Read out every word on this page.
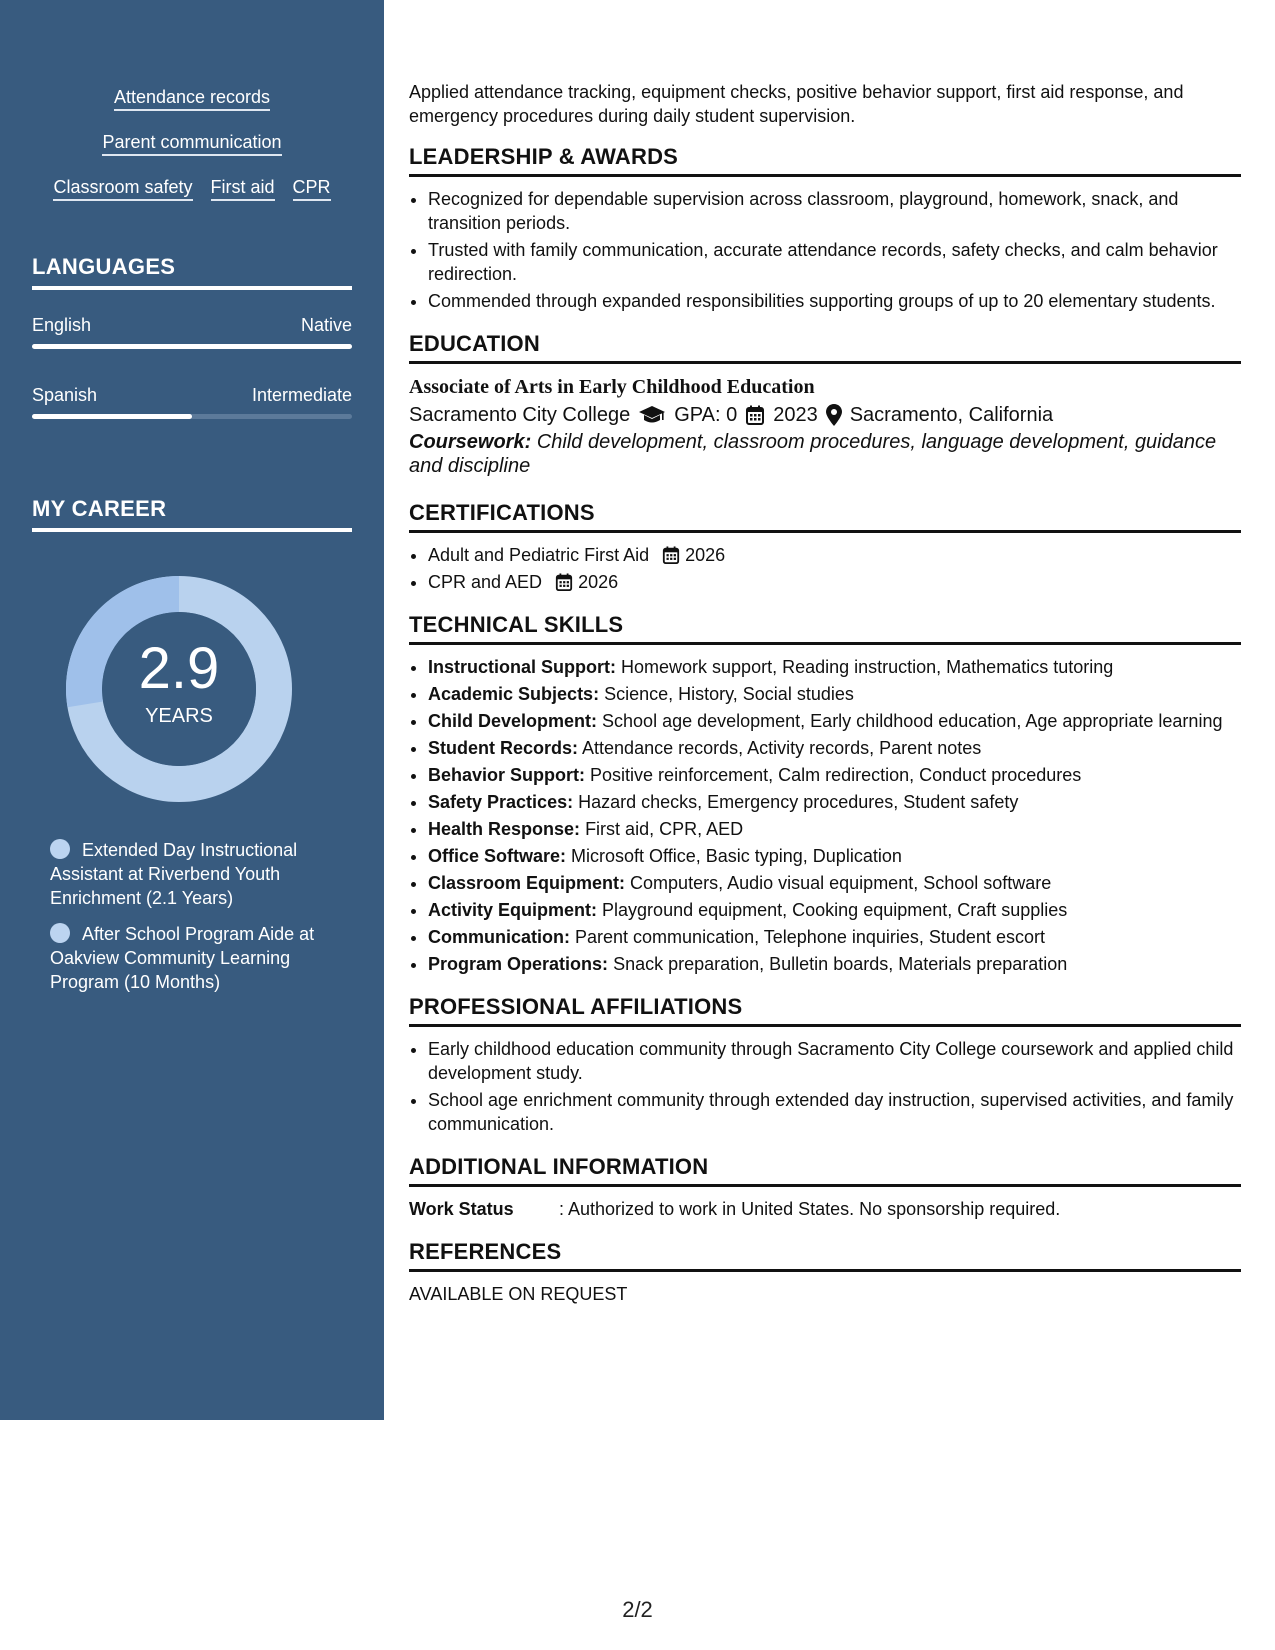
Attendance records
Parent communication
Classroom safety First aid CPR
LANGUAGES
English	Native
Spanish	Intermediate
MY CAREER
2.9
YEARS
Extended Day Instructional Assistant at Riverbend Youth Enrichment (2.1 Years)
After School Program Aide at Oakview Community Learning Program (10 Months)

Applied attendance tracking, equipment checks, positive behavior support, first aid response, and emergency procedures during daily student supervision.

LEADERSHIP & AWARDS
• Recognized for dependable supervision across classroom, playground, homework, snack, and transition periods.
• Trusted with family communication, accurate attendance records, safety checks, and calm behavior redirection.
• Commended through expanded responsibilities supporting groups of up to 20 elementary students.
EDUCATION
Associate of Arts in Early Childhood Education
Sacramento City College GPA: 0 2023 Sacramento, California
Coursework: Child development, classroom procedures, language development, guidance and discipline
CERTIFICATIONS
• Adult and Pediatric First Aid 2026
• CPR and AED 2026
TECHNICAL SKILLS
• Instructional Support: Homework support, Reading instruction, Mathematics tutoring
• Academic Subjects: Science, History, Social studies
• Child Development: School age development, Early childhood education, Age appropriate learning
• Student Records: Attendance records, Activity records, Parent notes
• Behavior Support: Positive reinforcement, Calm redirection, Conduct procedures
• Safety Practices: Hazard checks, Emergency procedures, Student safety
• Health Response: First aid, CPR, AED
• Office Software: Microsoft Office, Basic typing, Duplication
• Classroom Equipment: Computers, Audio visual equipment, School software
• Activity Equipment: Playground equipment, Cooking equipment, Craft supplies
• Communication: Parent communication, Telephone inquiries, Student escort
• Program Operations: Snack preparation, Bulletin boards, Materials preparation
PROFESSIONAL AFFILIATIONS
• Early childhood education community through Sacramento City College coursework and applied child development study.
• School age enrichment community through extended day instruction, supervised activities, and family communication.
ADDITIONAL INFORMATION
Work Status	: Authorized to work in United States. No sponsorship required.
REFERENCES

AVAILABLE ON REQUEST

2/2
